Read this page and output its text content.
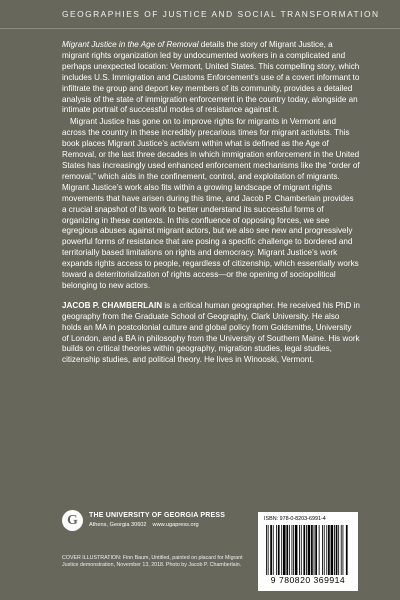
GEOGRAPHIES OF JUSTICE AND SOCIAL TRANSFORMATION

Migrant Justice in the Age of Removal details the story of Migrant Justice, a migrant rights organization led by undocumented workers in a complicated and perhaps unexpected location: Vermont, United States. This compelling story, which includes U.S. Immigration and Customs Enforcement’s use of a covert informant to infiltrate the group and deport key members of its community, provides a detailed analysis of the state of immigration enforcement in the country today, alongside an intimate portrait of successful modes of resistance against it.

Migrant Justice has gone on to improve rights for migrants in Vermont and across the country in these incredibly precarious times for migrant activists. This book places Migrant Justice’s activism within what is defined as the Age of Removal, or the last three decades in which immigration enforcement in the United States has increasingly used enhanced enforcement mechanisms like the “order of removal,” which aids in the confinement, control, and exploitation of migrants. Migrant Justice’s work also fits within a growing landscape of migrant rights movements that have arisen during this time, and Jacob P. Chamberlain provides a crucial snapshot of its work to better understand its successful forms of organizing in these contexts. In this confluence of opposing forces, we see egregious abuses against migrant actors, but we also see new and progressively powerful forms of resistance that are posing a specific challenge to bordered and territorially based limitations on rights and democracy. Migrant Justice’s work expands rights access to people, regardless of citizenship, which essentially works toward a deterritorialization of rights access—or the opening of sociopolitical belonging to new actors.

JACOB P. CHAMBERLAIN is a critical human geographer. He received his PhD in geography from the Graduate School of Geography, Clark University. He also holds an MA in postcolonial culture and global policy from Goldsmiths, University of London, and a BA in philosophy from the University of Southern Maine. His work builds on critical theories within geography, migration studies, legal studies, citizenship studies, and political theory. He lives in Winooski, Vermont.

G THE UNIVERSITY OF GEORGIA PRESS
Athens, Georgia 30602 www.ugapress.org
COVER ILLUSTRATION: Finn Baum, Untitled, painted on placard for Migrant Justice demonstration, November 13, 2018. Photo by Jacob P. Chamberlain.
ISBN: 978-0-8203-6991-4
9 780820 369914
